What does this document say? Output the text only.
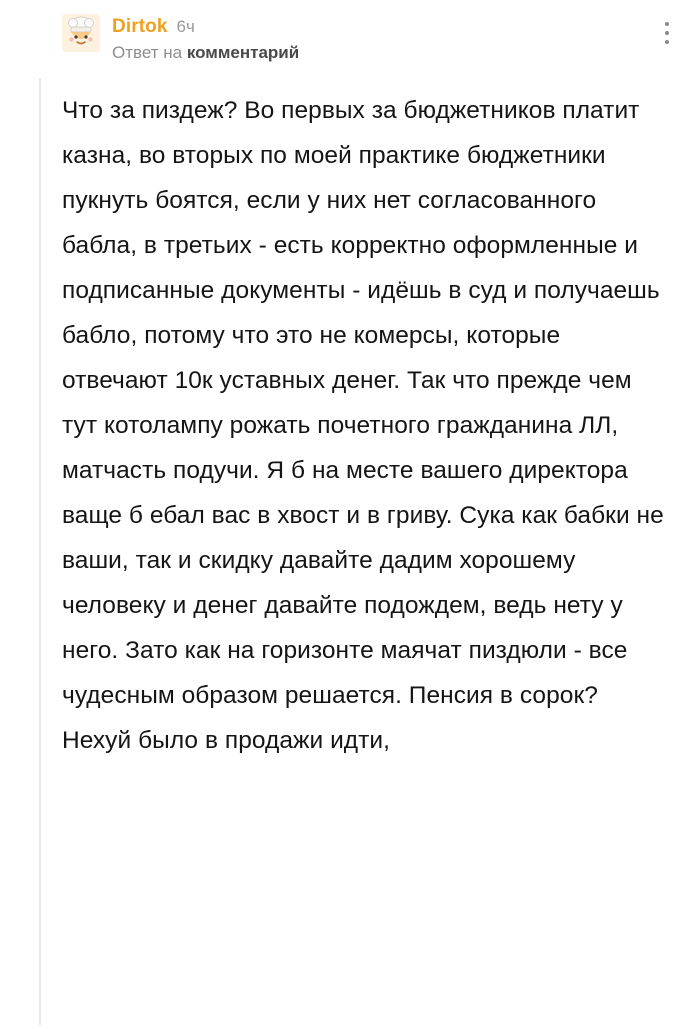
Dirtok 6ч
Ответ на комментарий
Что за пиздеж? Во первых за бюджетников платит казна, во вторых по моей практике бюджетники пукнуть боятся, если у них нет согласованного бабла, в третьих - есть корректно оформленные и подписанные документы - идёшь в суд и получаешь бабло, потому что это не комерсы, которые отвечают 10к уставных денег. Так что прежде чем тут котолампу рожать почетного гражданина ЛЛ, матчасть подучи. Я б на месте вашего директора ваще б ебал вас в хвост и в гриву. Сука как бабки не ваши, так и скидку давайте дадим хорошему человеку и денег давайте подождем, ведь нету у него. Зато как на горизонте маячат пиздюли - все чудесным образом решается. Пенсия в сорок? Нехуй было в продажи идти,
